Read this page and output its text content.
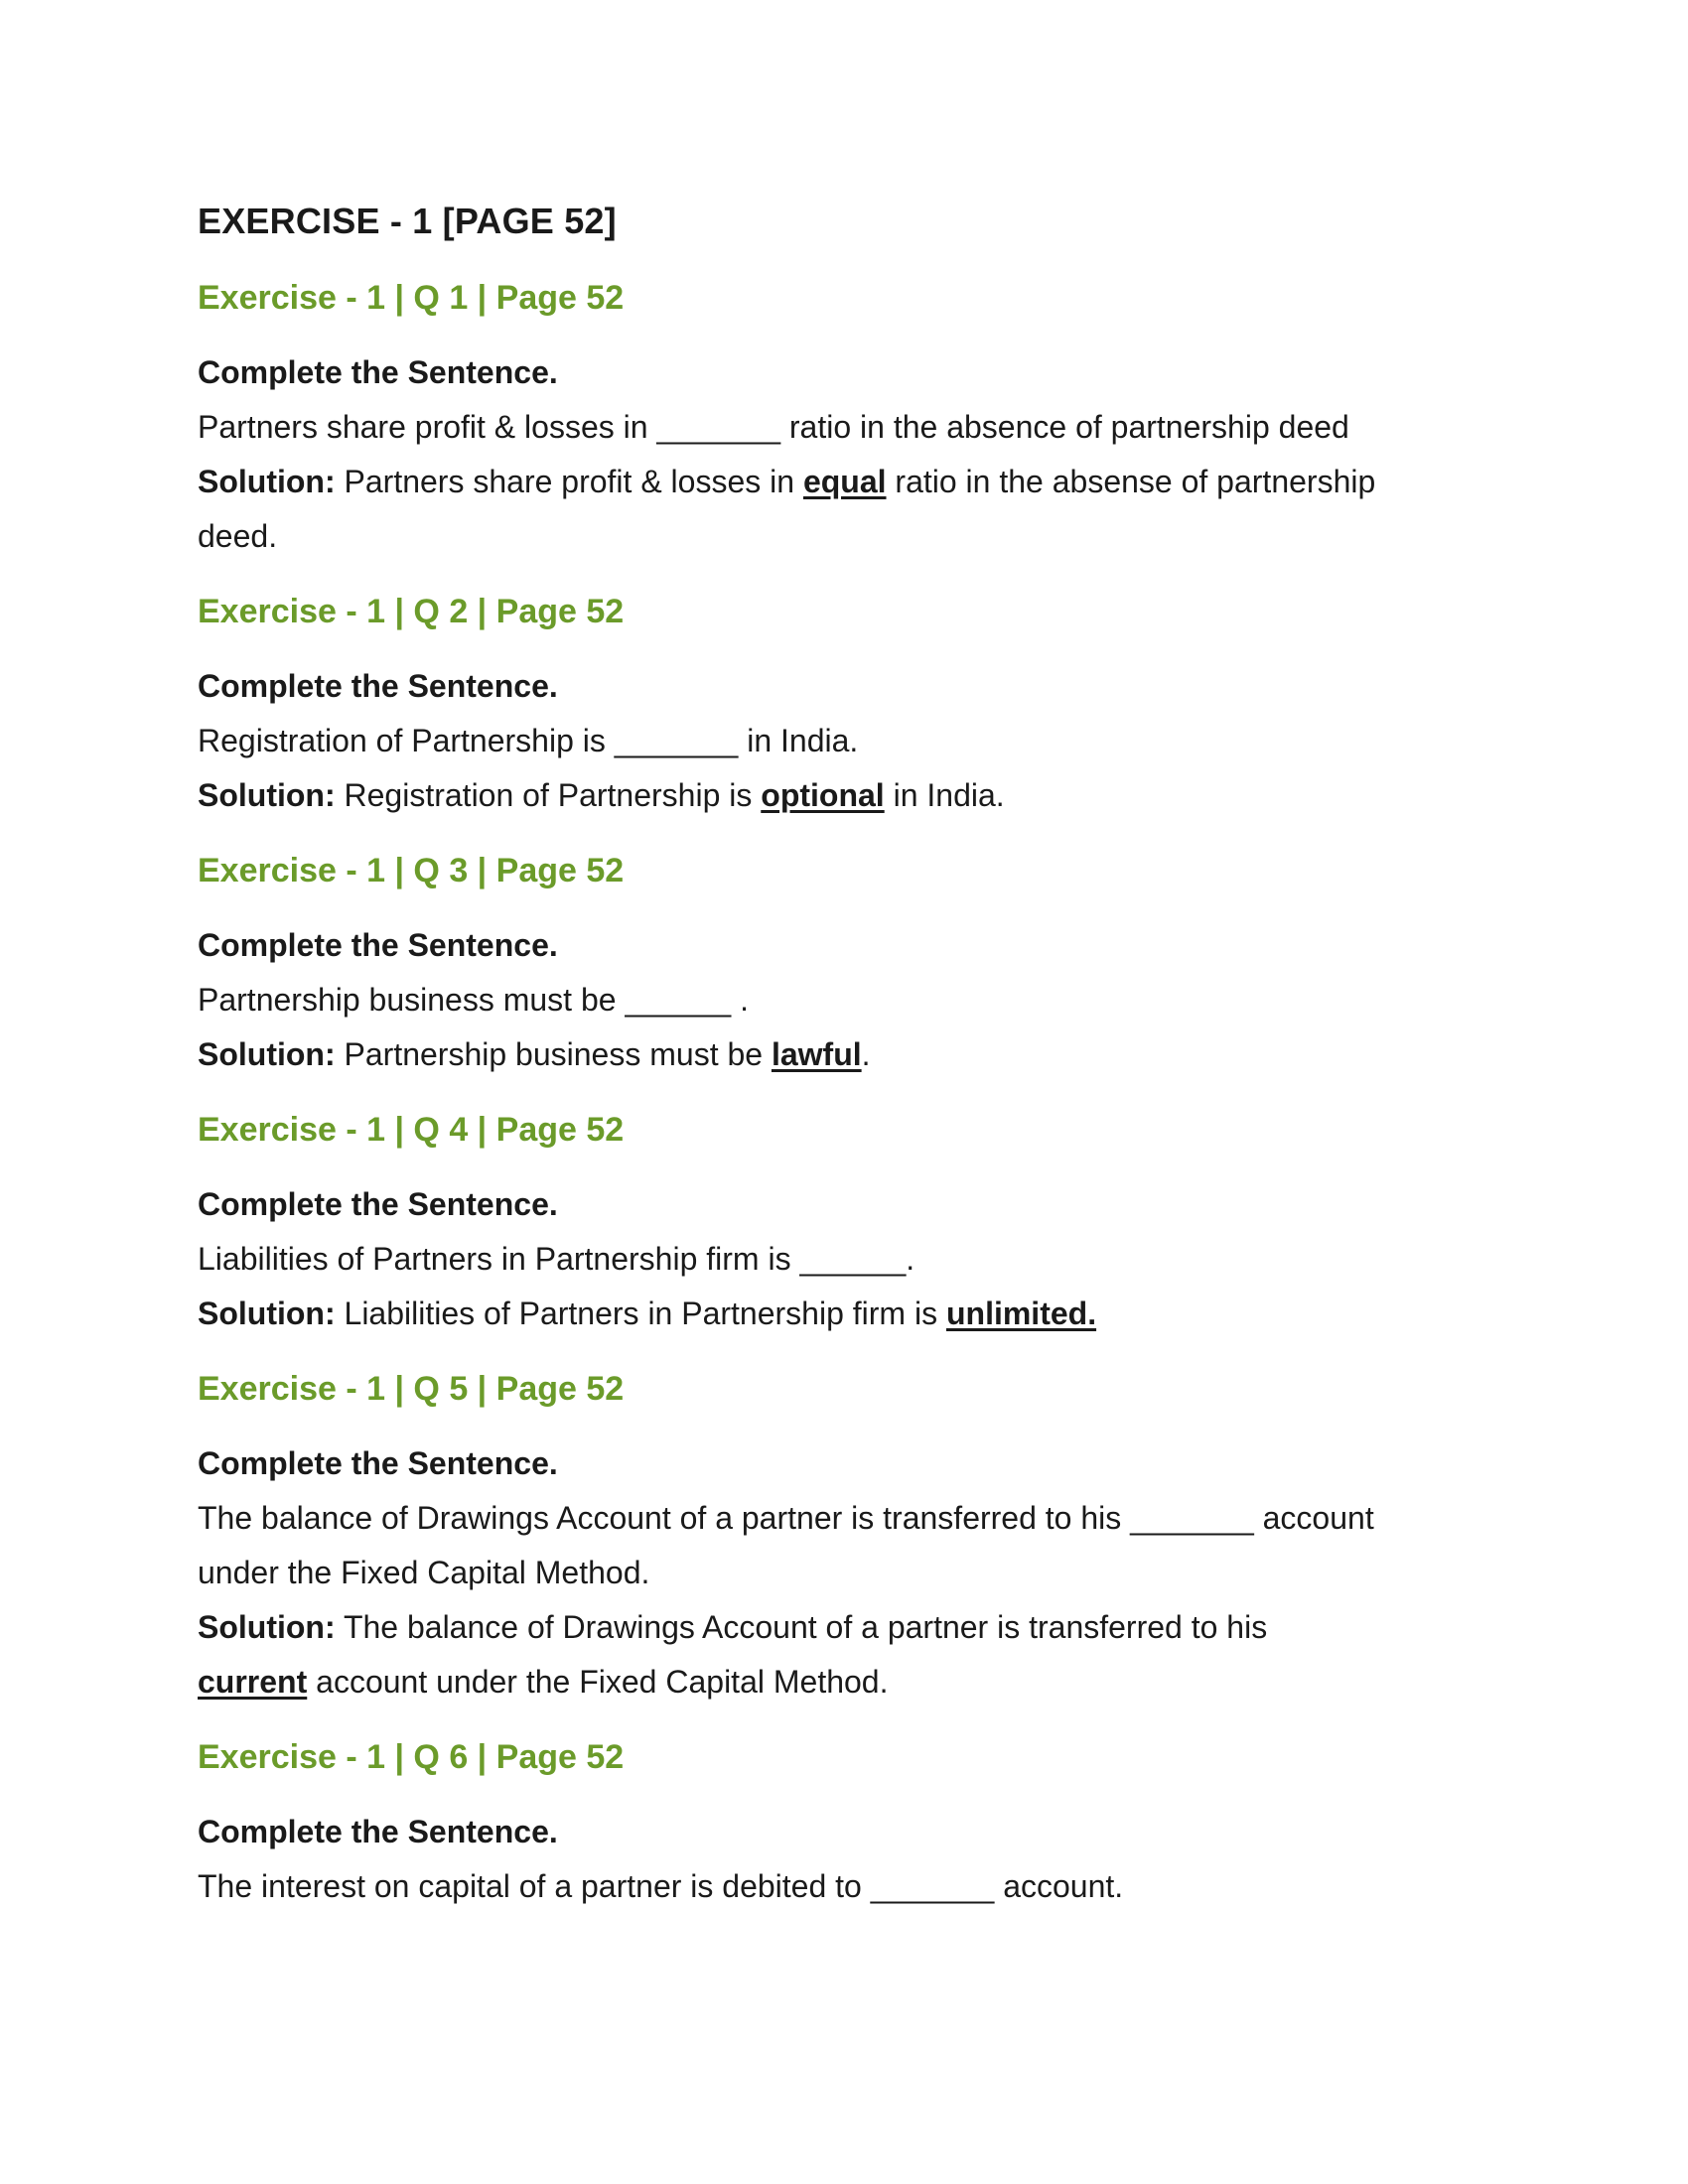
EXERCISE - 1 [PAGE 52]
Exercise - 1 | Q 1 | Page 52

Complete the Sentence.

Partners share profit & losses in _______ ratio in the absence of partnership deed

Solution: Partners share profit & losses in equal ratio in the absense of partnership deed.

Exercise - 1 | Q 2 | Page 52

Complete the Sentence.

Registration of Partnership is _______ in India.

Solution: Registration of Partnership is optional in India.

Exercise - 1 | Q 3 | Page 52

Complete the Sentence.

Partnership business must be ______ .

Solution: Partnership business must be lawful.

Exercise - 1 | Q 4 | Page 52

Complete the Sentence.

Liabilities of Partners in Partnership firm is ______.

Solution: Liabilities of Partners in Partnership firm is unlimited.

Exercise - 1 | Q 5 | Page 52

Complete the Sentence.

The balance of Drawings Account of a partner is transferred to his _______ account under the Fixed Capital Method.

Solution: The balance of Drawings Account of a partner is transferred to his current account under the Fixed Capital Method.

Exercise - 1 | Q 6 | Page 52

Complete the Sentence.

The interest on capital of a partner is debited to _______ account.
